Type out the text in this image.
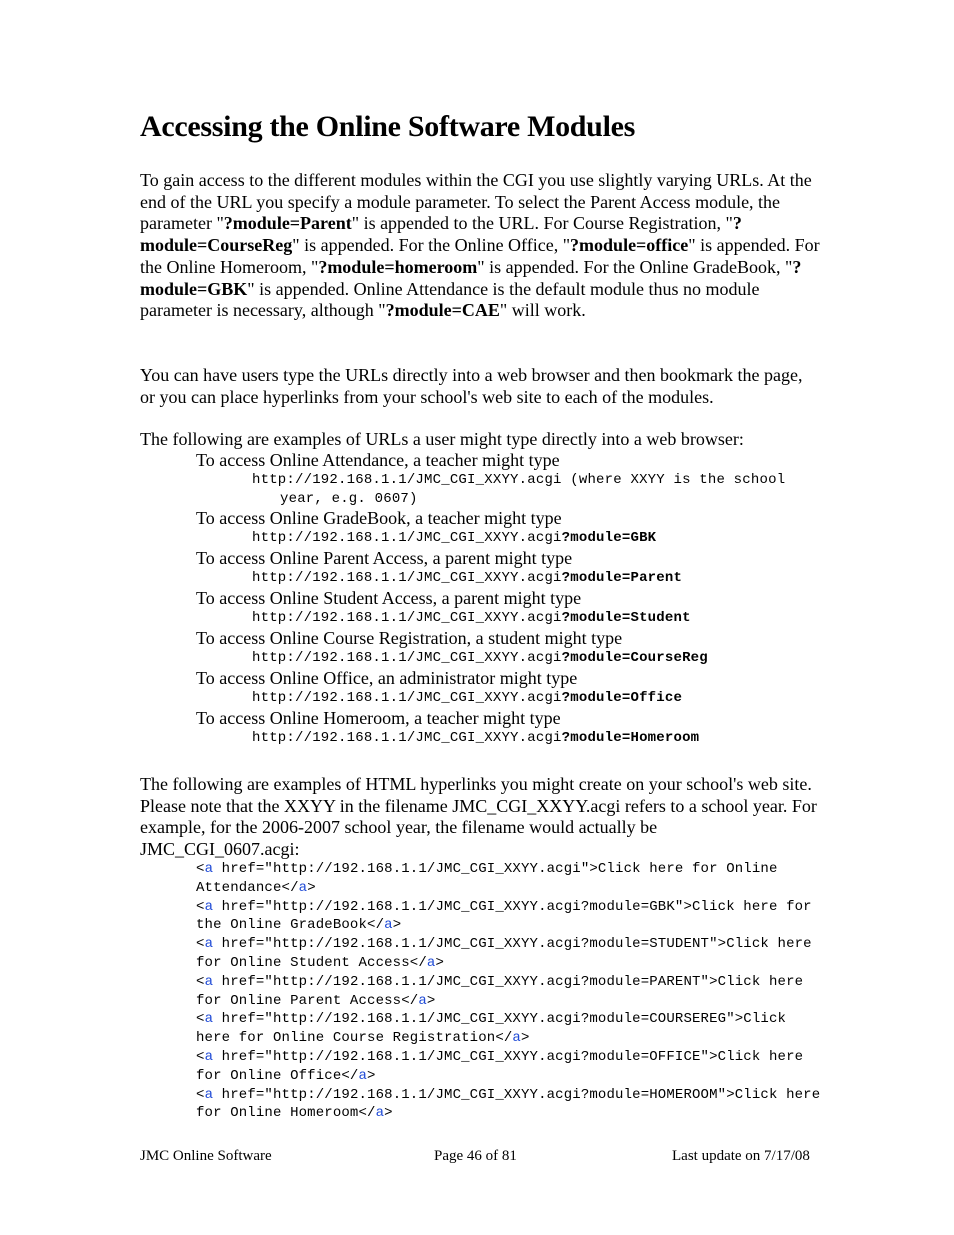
Accessing the Online Software Modules

To gain access to the different modules within the CGI you use slightly varying URLs. At the end of the URL you specify a module parameter. To select the Parent Access module, the parameter "?module=Parent" is appended to the URL. For Course Registration, "?module=CourseReg" is appended. For the Online Office, "?module=office" is appended. For the Online Homeroom, "?module=homeroom" is appended. For the Online GradeBook, "?module=GBK" is appended. Online Attendance is the default module thus no module parameter is necessary, although "?module=CAE" will work.

You can have users type the URLs directly into a web browser and then bookmark the page, or you can place hyperlinks from your school's web site to each of the modules.

The following are examples of URLs a user might type directly into a web browser:

To access Online Attendance, a teacher might type
http://192.168.1.1/JMC_CGI_XXYY.acgi (where XXYY is the school
year, e.g. 0607)
To access Online GradeBook, a teacher might type
http://192.168.1.1/JMC_CGI_XXYY.acgi?module=GBK
To access Online Parent Access, a parent might type
http://192.168.1.1/JMC_CGI_XXYY.acgi?module=Parent
To access Online Student Access, a parent might type
http://192.168.1.1/JMC_CGI_XXYY.acgi?module=Student
To access Online Course Registration, a student might type
http://192.168.1.1/JMC_CGI_XXYY.acgi?module=CourseReg
To access Online Office, an administrator might type
http://192.168.1.1/JMC_CGI_XXYY.acgi?module=Office
To access Online Homeroom, a teacher might type
http://192.168.1.1/JMC_CGI_XXYY.acgi?module=Homeroom

The following are examples of HTML hyperlinks you might create on your school's web site. Please note that the XXYY in the filename JMC_CGI_XXYY.acgi refers to a school year. For example, for the 2006-2007 school year, the filename would actually be JMC_CGI_0607.acgi:

<a href="http://192.168.1.1/JMC_CGI_XXYY.acgi">Click here for Online Attendance</a>
<a href="http://192.168.1.1/JMC_CGI_XXYY.acgi?module=GBK">Click here for the Online GradeBook</a>
<a href="http://192.168.1.1/JMC_CGI_XXYY.acgi?module=STUDENT">Click here for Online Student Access</a>
<a href="http://192.168.1.1/JMC_CGI_XXYY.acgi?module=PARENT">Click here for Online Parent Access</a>
<a href="http://192.168.1.1/JMC_CGI_XXYY.acgi?module=COURSEREG">Click here for Online Course Registration</a>
<a href="http://192.168.1.1/JMC_CGI_XXYY.acgi?module=OFFICE">Click here for Online Office</a>
<a href="http://192.168.1.1/JMC_CGI_XXYY.acgi?module=HOMEROOM">Click here for Online Homeroom</a>
JMC Online Software	Page 46 of 81	Last update on 7/17/08
